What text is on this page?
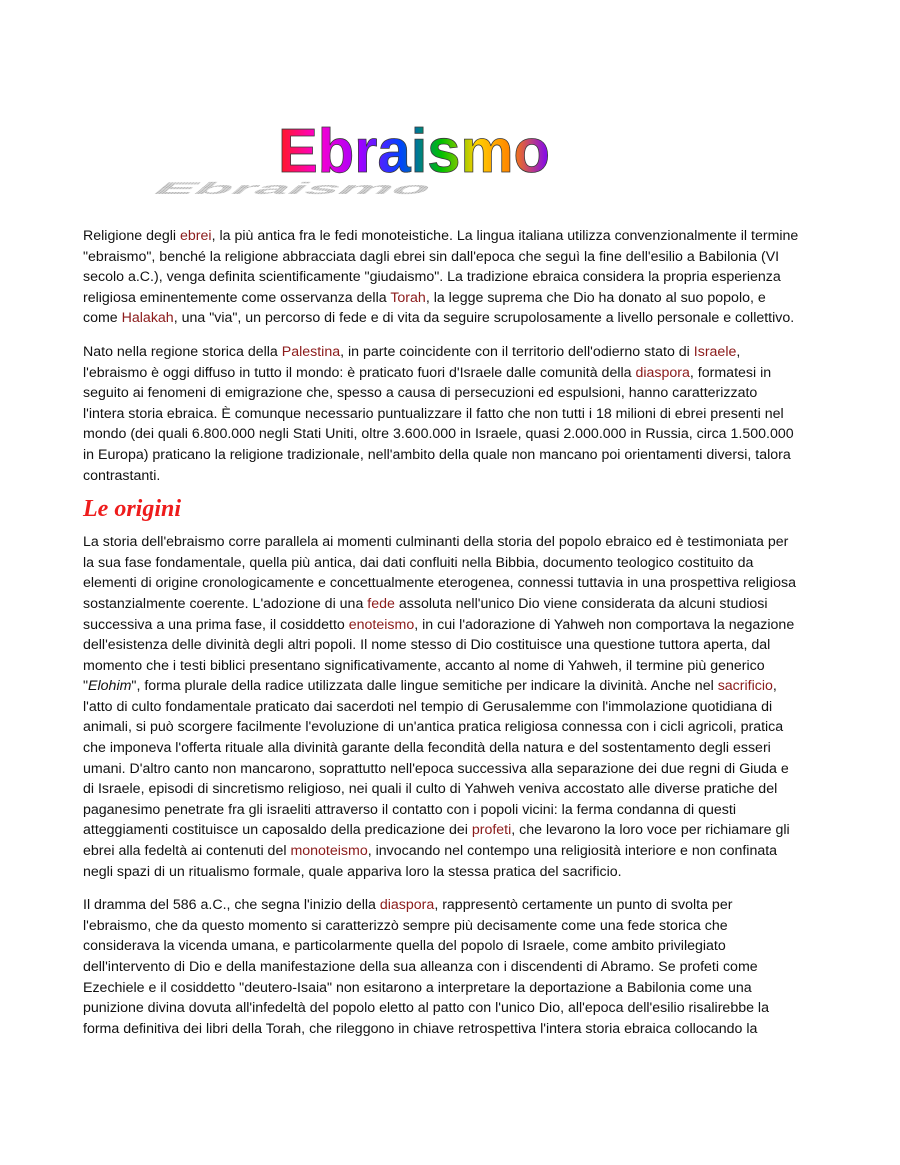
Ebraismo
Ebraismo

Religione degli ebrei, la più antica fra le fedi monoteistiche. La lingua italiana utilizza convenzionalmente il termine "ebraismo", benché la religione abbracciata dagli ebrei sin dall'epoca che seguì la fine dell'esilio a Babilonia (VI secolo a.C.), venga definita scientificamente "giudaismo". La tradizione ebraica considera la propria esperienza religiosa eminentemente come osservanza della Torah, la legge suprema che Dio ha donato al suo popolo, e come Halakah, una "via", un percorso di fede e di vita da seguire scrupolosamente a livello personale e collettivo.

Nato nella regione storica della Palestina, in parte coincidente con il territorio dell'odierno stato di Israele, l'ebraismo è oggi diffuso in tutto il mondo: è praticato fuori d'Israele dalle comunità della diaspora, formatesi in seguito ai fenomeni di emigrazione che, spesso a causa di persecuzioni ed espulsioni, hanno caratterizzato l'intera storia ebraica. È comunque necessario puntualizzare il fatto che non tutti i 18 milioni di ebrei presenti nel mondo (dei quali 6.800.000 negli Stati Uniti, oltre 3.600.000 in Israele, quasi 2.000.000 in Russia, circa 1.500.000 in Europa) praticano la religione tradizionale, nell'ambito della quale non mancano poi orientamenti diversi, talora contrastanti.

Le origini

La storia dell'ebraismo corre parallela ai momenti culminanti della storia del popolo ebraico ed è testimoniata per la sua fase fondamentale, quella più antica, dai dati confluiti nella Bibbia, documento teologico costituito da elementi di origine cronologicamente e concettualmente eterogenea, connessi tuttavia in una prospettiva religiosa sostanzialmente coerente. L'adozione di una fede assoluta nell'unico Dio viene considerata da alcuni studiosi successiva a una prima fase, il cosiddetto enoteismo, in cui l'adorazione di Yahweh non comportava la negazione dell'esistenza delle divinità degli altri popoli. Il nome stesso di Dio costituisce una questione tuttora aperta, dal momento che i testi biblici presentano significativamente, accanto al nome di Yahweh, il termine più generico "Elohim", forma plurale della radice utilizzata dalle lingue semitiche per indicare la divinità. Anche nel sacrificio, l'atto di culto fondamentale praticato dai sacerdoti nel tempio di Gerusalemme con l'immolazione quotidiana di animali, si può scorgere facilmente l'evoluzione di un'antica pratica religiosa connessa con i cicli agricoli, pratica che imponeva l'offerta rituale alla divinità garante della fecondità della natura e del sostentamento degli esseri umani. D'altro canto non mancarono, soprattutto nell'epoca successiva alla separazione dei due regni di Giuda e di Israele, episodi di sincretismo religioso, nei quali il culto di Yahweh veniva accostato alle diverse pratiche del paganesimo penetrate fra gli israeliti attraverso il contatto con i popoli vicini: la ferma condanna di questi atteggiamenti costituisce un caposaldo della predicazione dei profeti, che levarono la loro voce per richiamare gli ebrei alla fedeltà ai contenuti del monoteismo, invocando nel contempo una religiosità interiore e non confinata negli spazi di un ritualismo formale, quale appariva loro la stessa pratica del sacrificio.

Il dramma del 586 a.C., che segna l'inizio della diaspora, rappresentò certamente un punto di svolta per l'ebraismo, che da questo momento si caratterizzò sempre più decisamente come una fede storica che considerava la vicenda umana, e particolarmente quella del popolo di Israele, come ambito privilegiato dell'intervento di Dio e della manifestazione della sua alleanza con i discendenti di Abramo. Se profeti come Ezechiele e il cosiddetto "deutero-Isaia" non esitarono a interpretare la deportazione a Babilonia come una punizione divina dovuta all'infedeltà del popolo eletto al patto con l'unico Dio, all'epoca dell'esilio risalirebbe la forma definitiva dei libri della Torah, che rileggono in chiave retrospettiva l'intera storia ebraica collocando la
